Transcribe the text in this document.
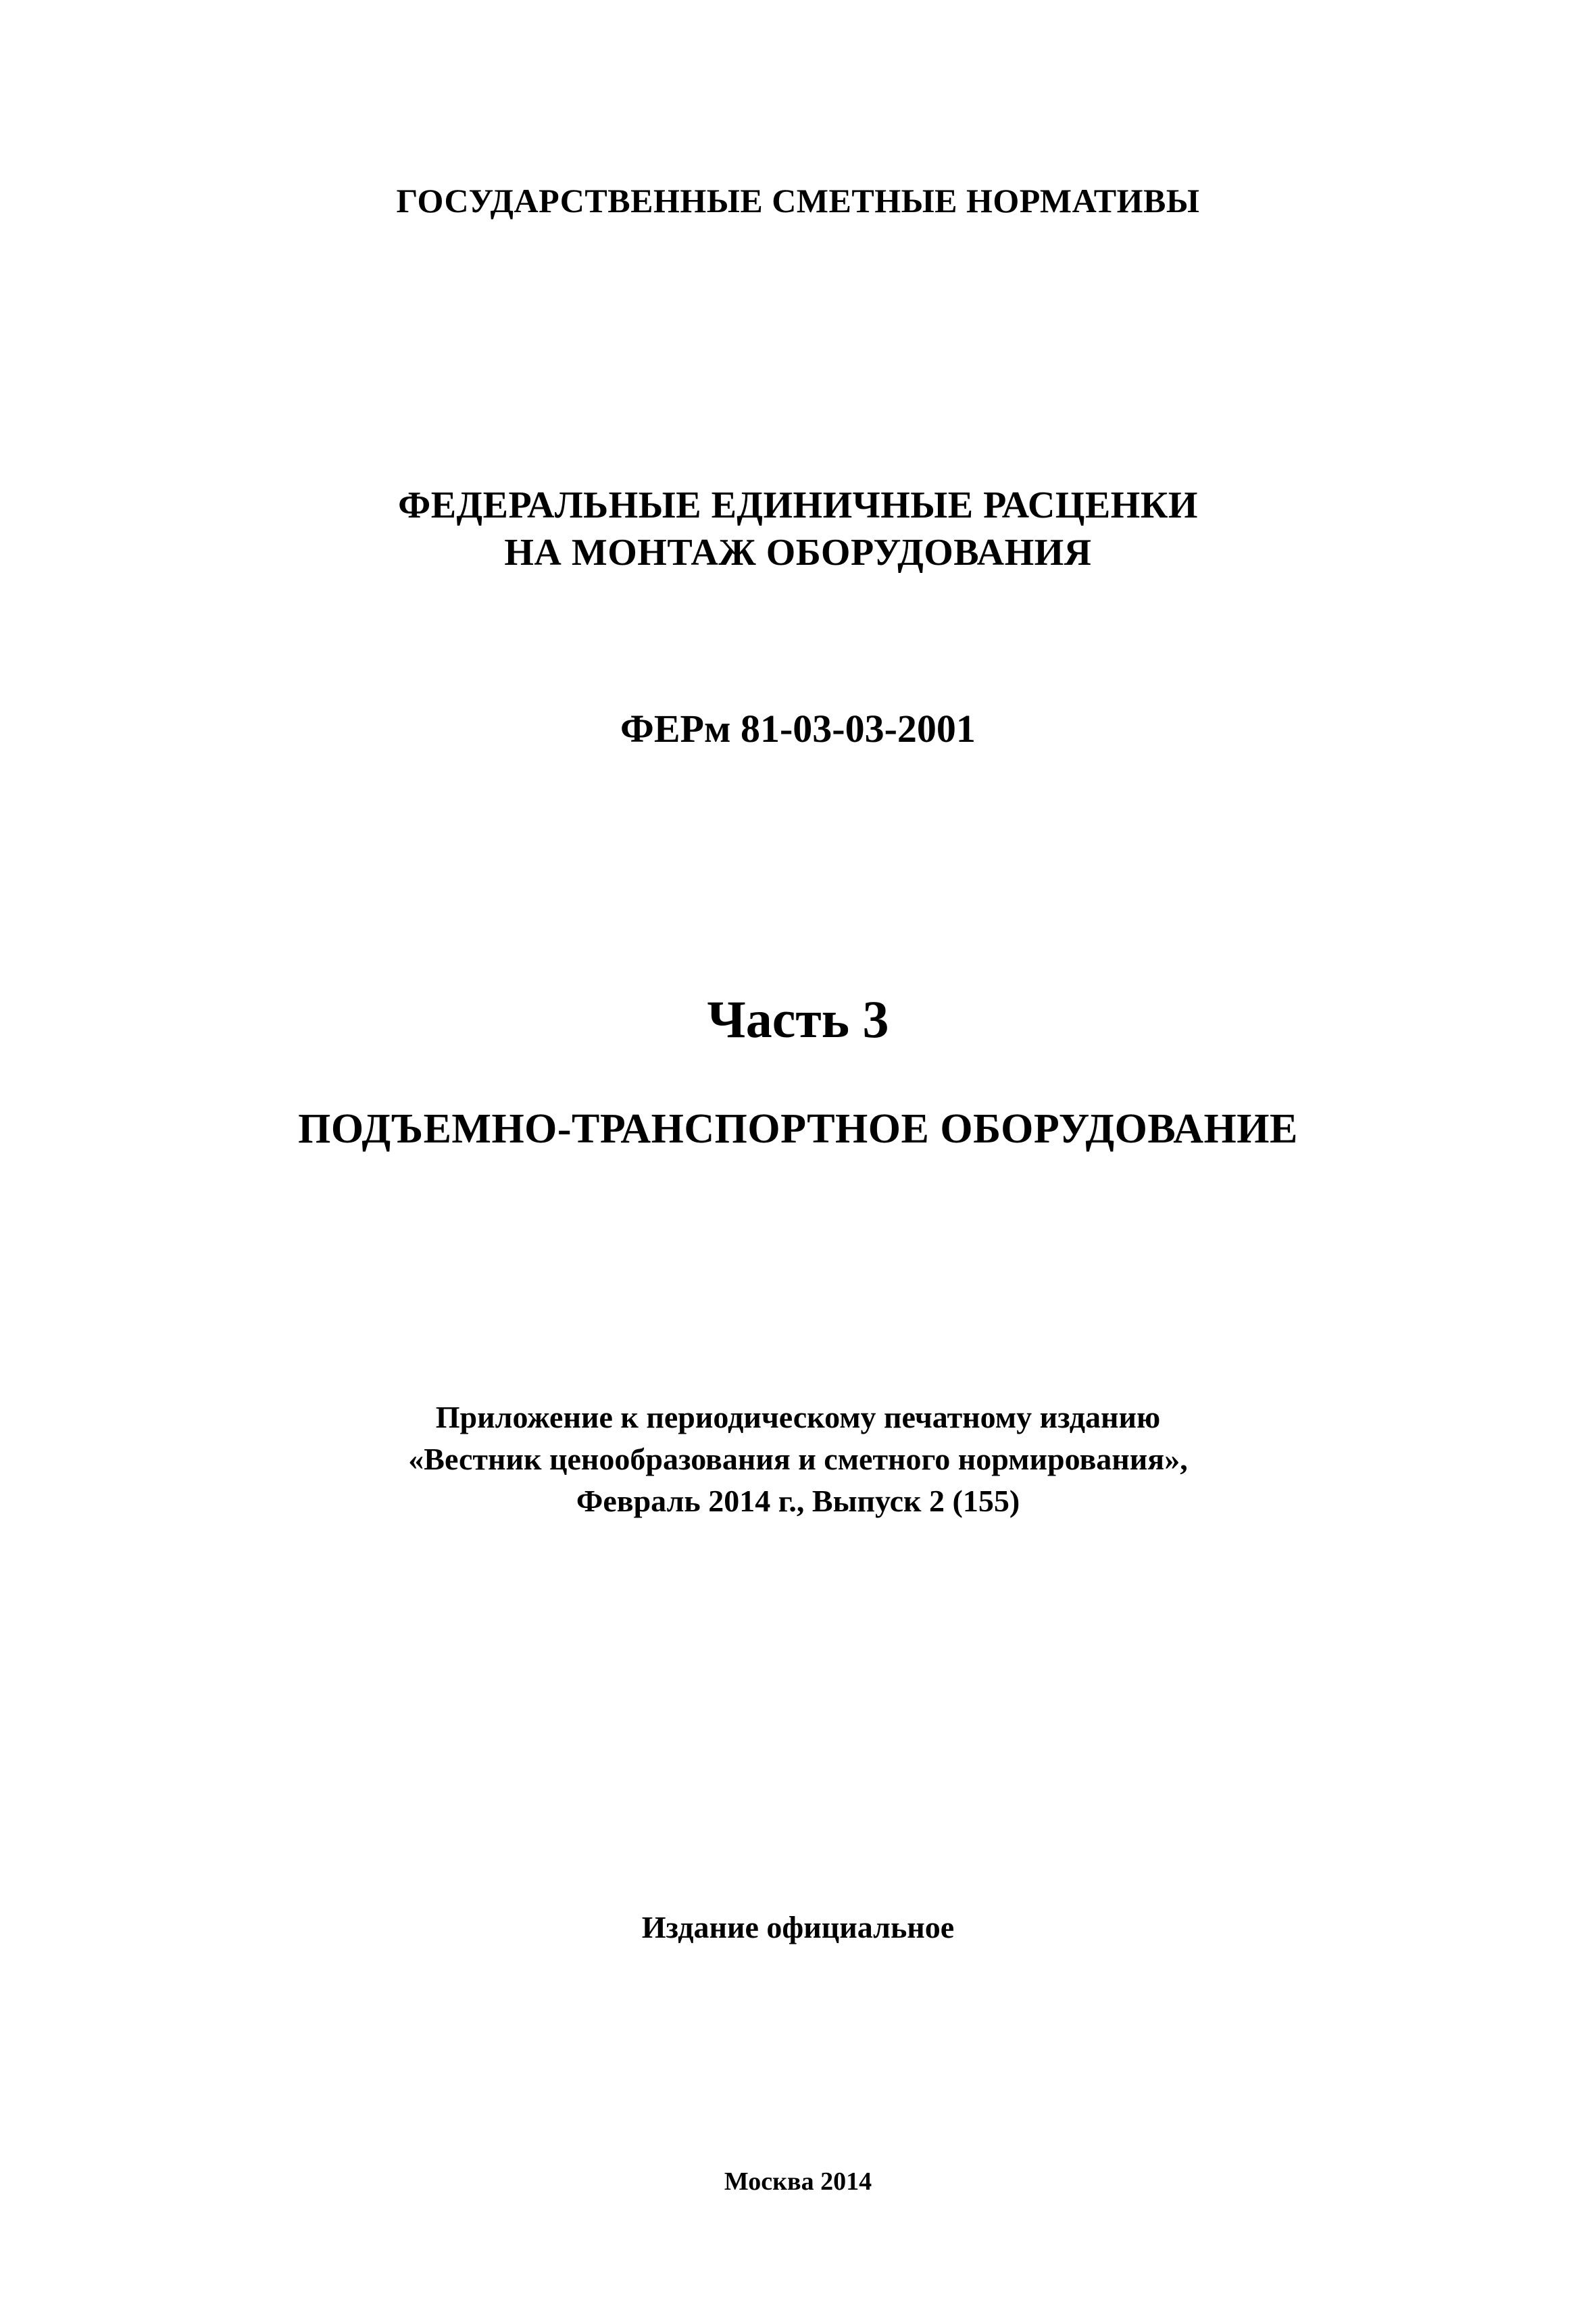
ГОСУДАРСТВЕННЫЕ СМЕТНЫЕ НОРМАТИВЫ

ФЕДЕРАЛЬНЫЕ ЕДИНИЧНЫЕ РАСЦЕНКИ

НА МОНТАЖ ОБОРУДОВАНИЯ

ФЕРм 81-03-03-2001

Часть 3

ПОДЪЕМНО-ТРАНСПОРТНОЕ ОБОРУДОВАНИЕ

Приложение к периодическому печатному изданию

«Вестник ценообразования и сметного нормирования»,

Февраль 2014 г., Выпуск 2 (155)

Издание официальное

Москва 2014
